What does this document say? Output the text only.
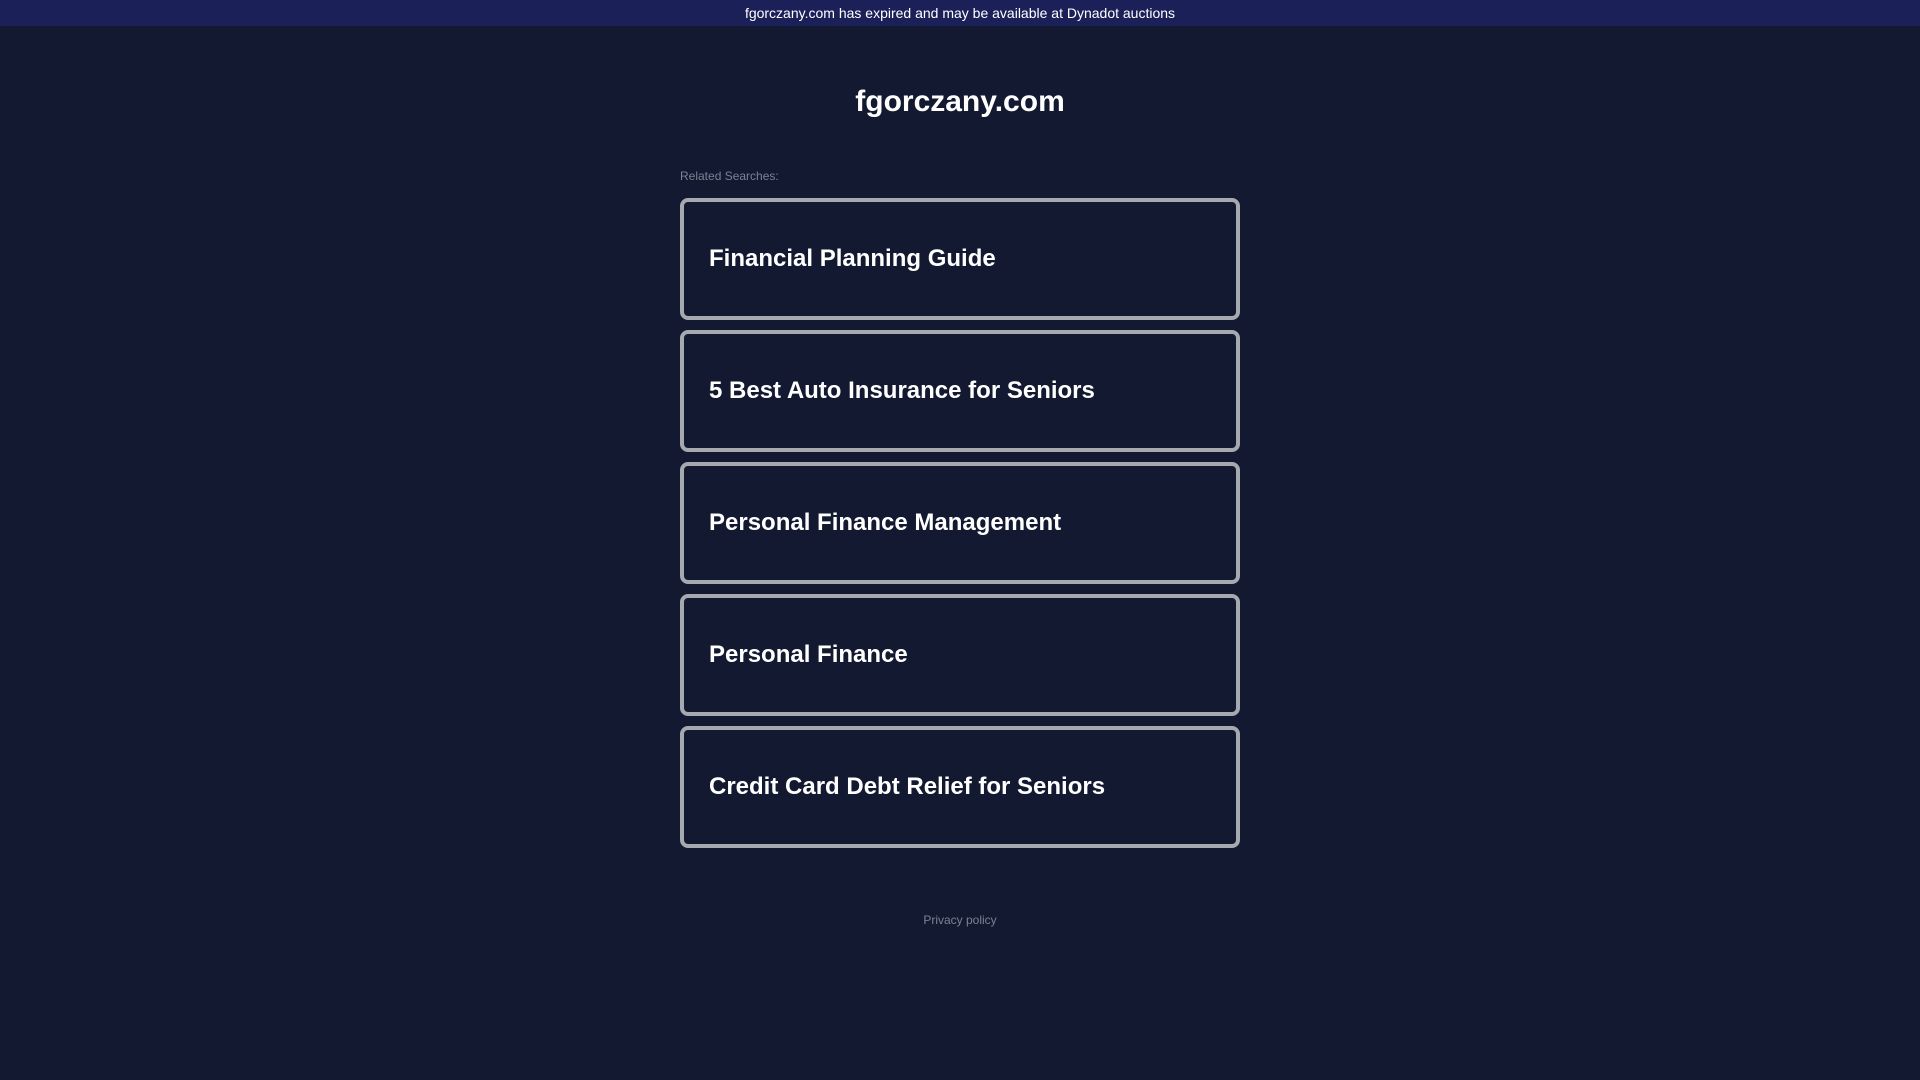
fgorczany.com has expired and may be available at Dynadot auctions
fgorczany.com
Related Searches:
Financial Planning Guide
5 Best Auto Insurance for Seniors
Personal Finance Management
Personal Finance
Credit Card Debt Relief for Seniors
Privacy policy
